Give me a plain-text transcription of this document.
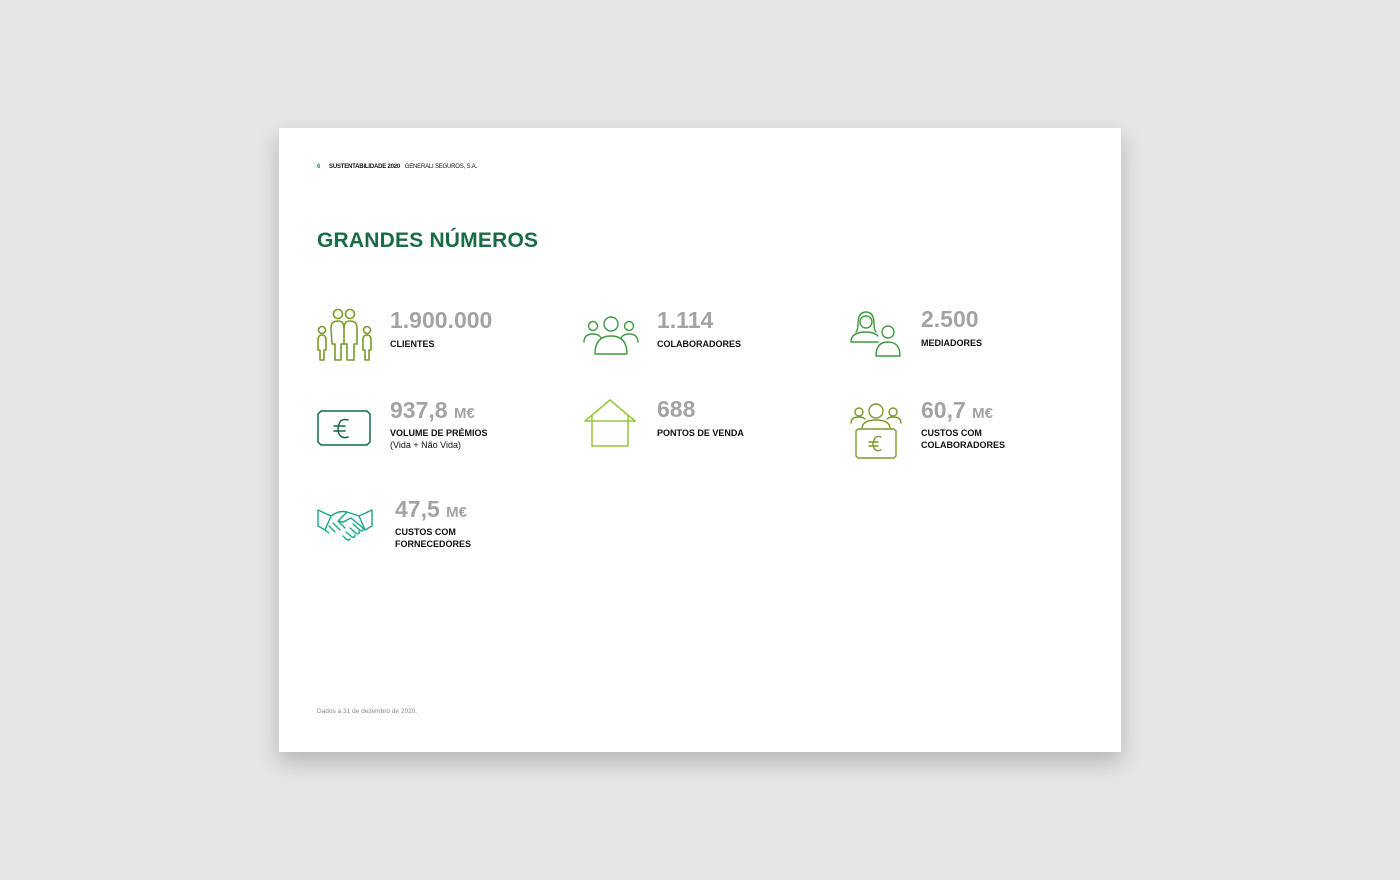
6 SUSTENTABILIDADE 2020 GENERALI SEGUROS, S.A.
GRANDES NÚMEROS
1.900.000
CLIENTES
1.114
COLABORADORES
2.500
MEDIADORES
937,8 M€
VOLUME DE PRÉMIOS
(Vida + Não Vida)
688
PONTOS DE VENDA
60,7 M€
CUSTOS COM
COLABORADORES
47,5 M€
CUSTOS COM
FORNECEDORES
Dados a 31 de dezembro de 2020.
